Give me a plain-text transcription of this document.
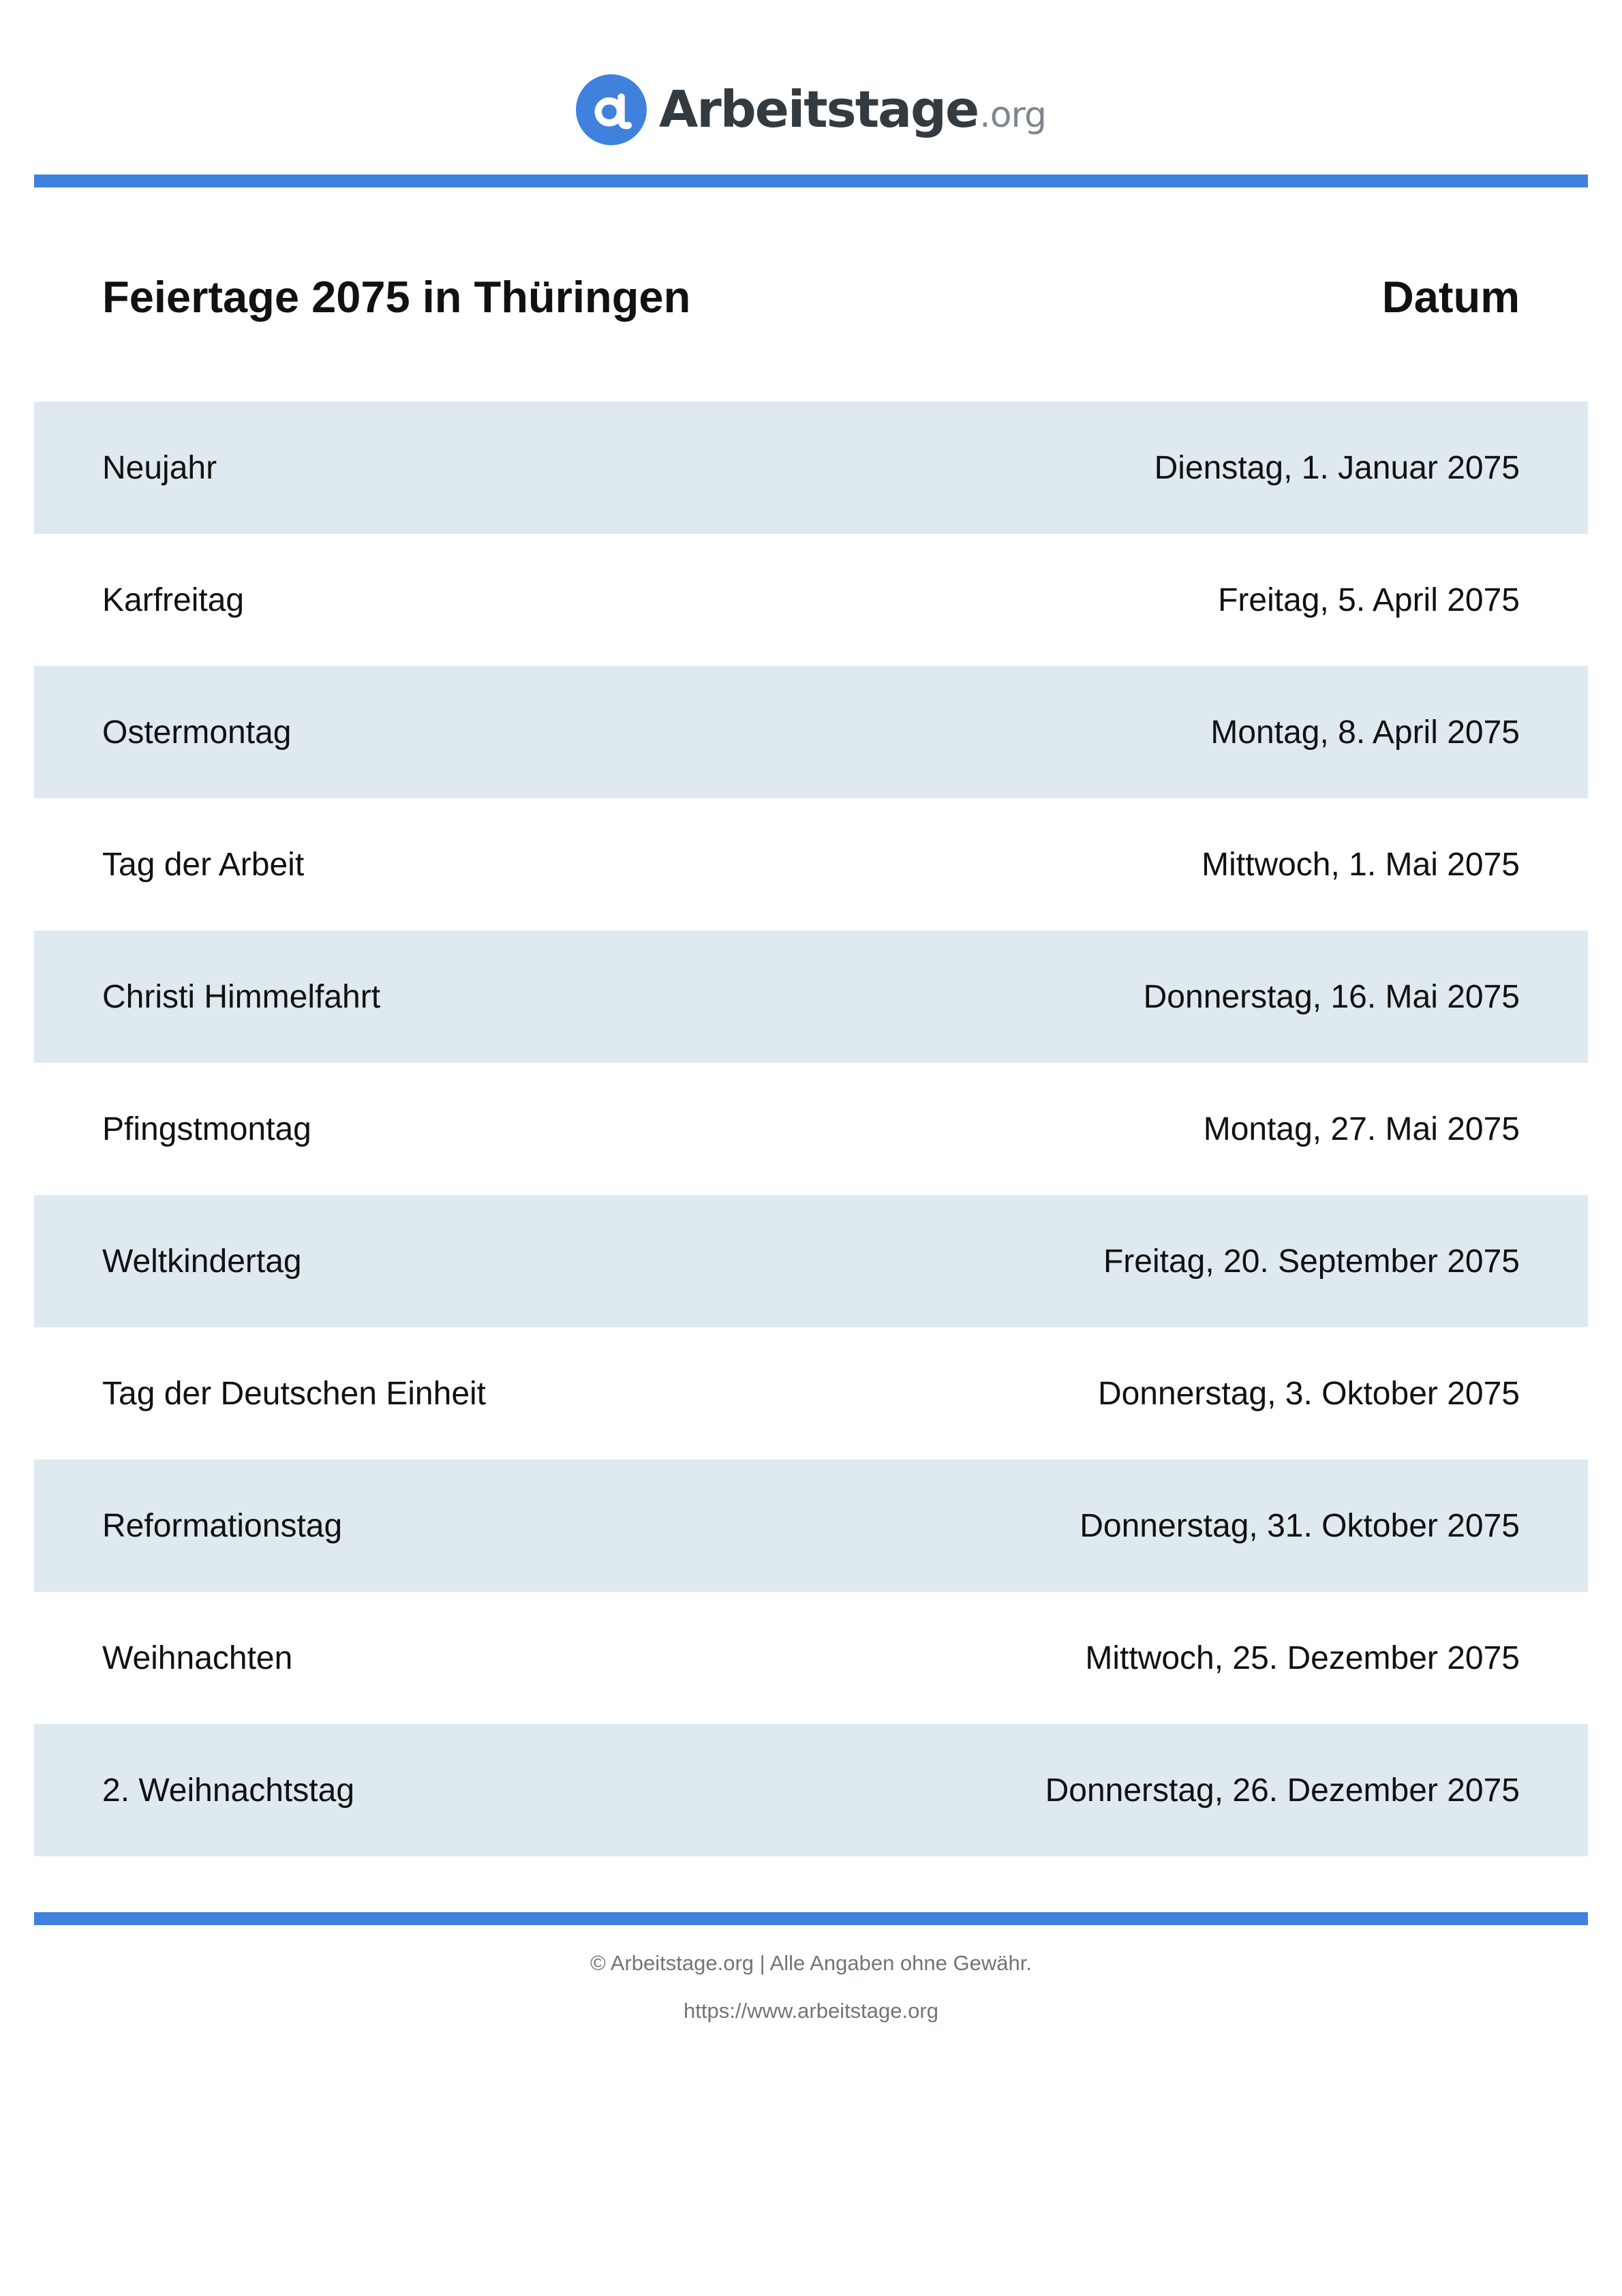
Arbeitstage .org
Feiertage 2075 in Thüringen	Datum
Neujahr	Dienstag, 1. Januar 2075
Karfreitag	Freitag, 5. April 2075
Ostermontag	Montag, 8. April 2075
Tag der Arbeit	Mittwoch, 1. Mai 2075
Christi Himmelfahrt	Donnerstag, 16. Mai 2075
Pfingstmontag	Montag, 27. Mai 2075
Weltkindertag	Freitag, 20. September 2075
Tag der Deutschen Einheit	Donnerstag, 3. Oktober 2075
Reformationstag	Donnerstag, 31. Oktober 2075
Weihnachten	Mittwoch, 25. Dezember 2075
2. Weihnachtstag	Donnerstag, 26. Dezember 2075
© Arbeitstage.org | Alle Angaben ohne Gewähr.
https://www.arbeitstage.org
